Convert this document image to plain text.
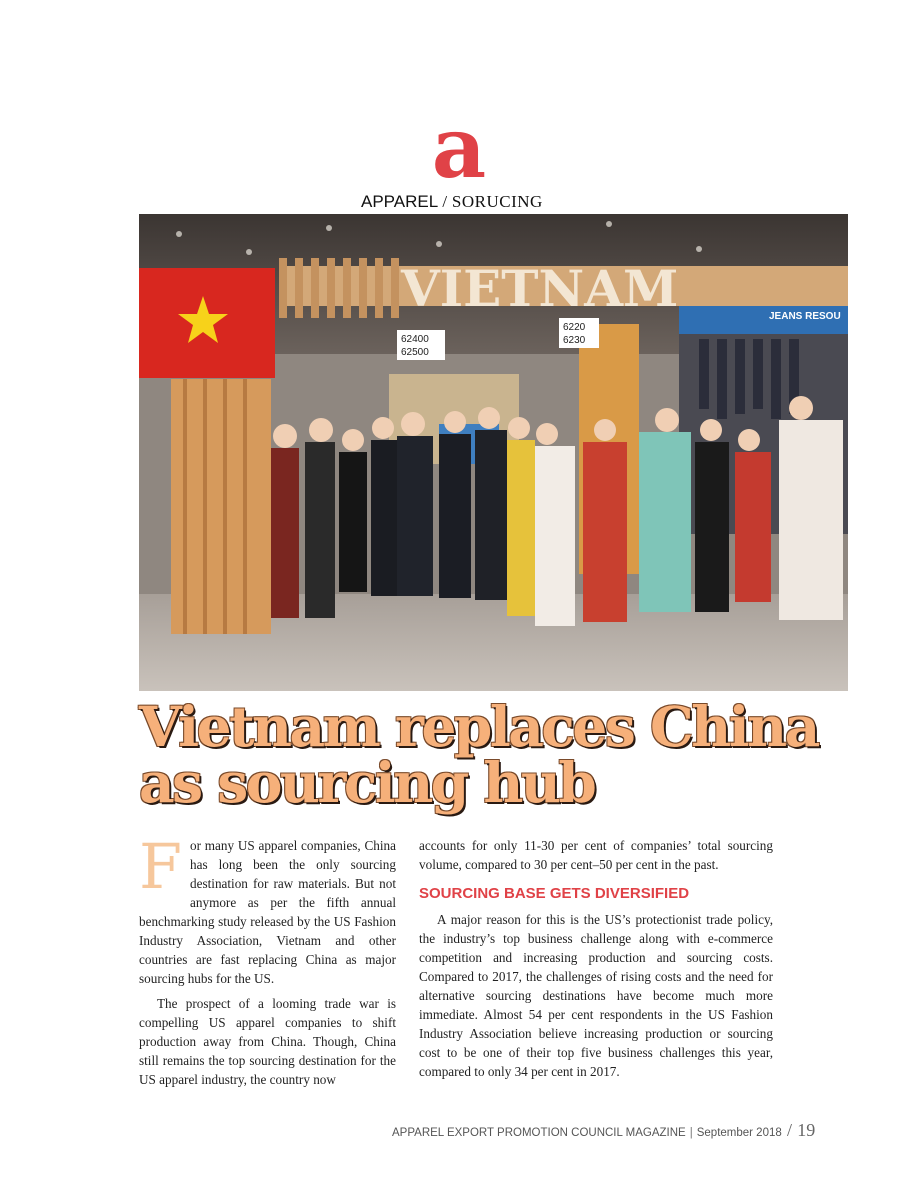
a
APPAREL / SORUCING
JEANS RESOU
VIETNAM
62400
62500
6220
6230
Vietnam replaces China
as sourcing hub

For many US apparel companies, China has long been the only sourcing destination for raw materials. But not anymore as per the fifth annual benchmarking study released by the US Fashion Industry Association, Vietnam and other countries are fast replacing China as major sourcing hubs for the US.

The prospect of a looming trade war is compelling US apparel companies to shift production away from China. Though, China still remains the top sourcing destination for the US apparel industry, the country now

accounts for only 11-30 per cent of companies’ total sourcing volume, compared to 30 per cent–50 per cent in the past.

SOURCING BASE GETS DIVERSIFIED

A major reason for this is the US’s protectionist trade policy, the industry’s top business challenge along with e-commerce competition and increasing production and sourcing costs. Compared to 2017, the challenges of rising costs and the need for alternative sourcing destinations have become much more immediate. Almost 54 per cent respondents in the US Fashion Industry Association believe increasing production or sourcing cost to be one of their top five business challenges this year, compared to only 34 per cent in 2017.

APPAREL EXPORT PROMOTION COUNCIL MAGAZINE | September 2018 / 19
